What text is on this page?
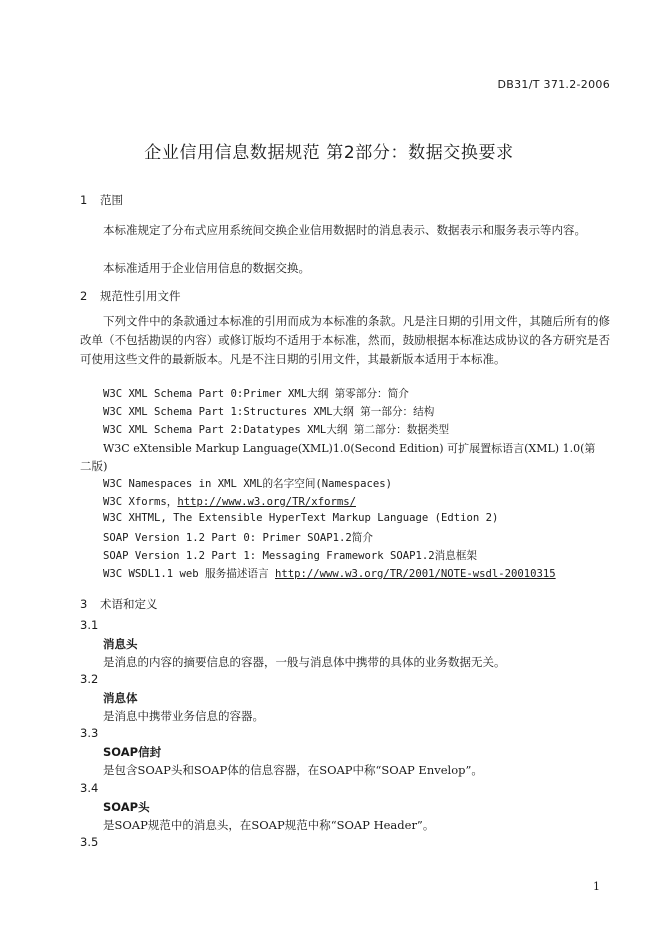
DB31/T 371.2-2006
企业信用信息数据规范 第2部分：数据交换要求
1 范围
本标准规定了分布式应用系统间交换企业信用数据时的消息表示、数据表示和服务表示等内容。
本标准适用于企业信用信息的数据交换。
2 规范性引用文件
下列文件中的条款通过本标准的引用而成为本标准的条款。凡是注日期的引用文件，其随后所有的修改单（不包括勘误的内容）或修订版均不适用于本标准，然而，鼓励根据本标准达成协议的各方研究是否可使用这些文件的最新版本。凡是不注日期的引用文件，其最新版本适用于本标准。
W3C XML Schema Part 0:Primer XML大纲 第零部分：简介
W3C XML Schema Part 1:Structures XML大纲 第一部分：结构
W3C XML Schema Part 2:Datatypes XML大纲 第二部分：数据类型
W3C eXtensible Markup Language(XML)1.0(Second Edition) 可扩展置标语言(XML) 1.0(第
二版)
W3C Namespaces in XML XML的名字空间(Namespaces)
W3C Xforms，http://www.w3.org/TR/xforms/
W3C XHTML, The Extensible HyperText Markup Language (Edtion 2)
SOAP Version 1.2 Part 0: Primer SOAP1.2简介
SOAP Version 1.2 Part 1: Messaging Framework SOAP1.2消息框架
W3C WSDL1.1 web 服务描述语言 http://www.w3.org/TR/2001/NOTE-wsdl-20010315
3 术语和定义
3.1
消息头
是消息的内容的摘要信息的容器，一般与消息体中携带的具体的业务数据无关。
3.2
消息体
是消息中携带业务信息的容器。
3.3
SOAP信封
是包含SOAP头和SOAP体的信息容器，在SOAP中称“SOAP Envelop”。
3.4
SOAP头
是SOAP规范中的消息头，在SOAP规范中称“SOAP Header”。
3.5
1
